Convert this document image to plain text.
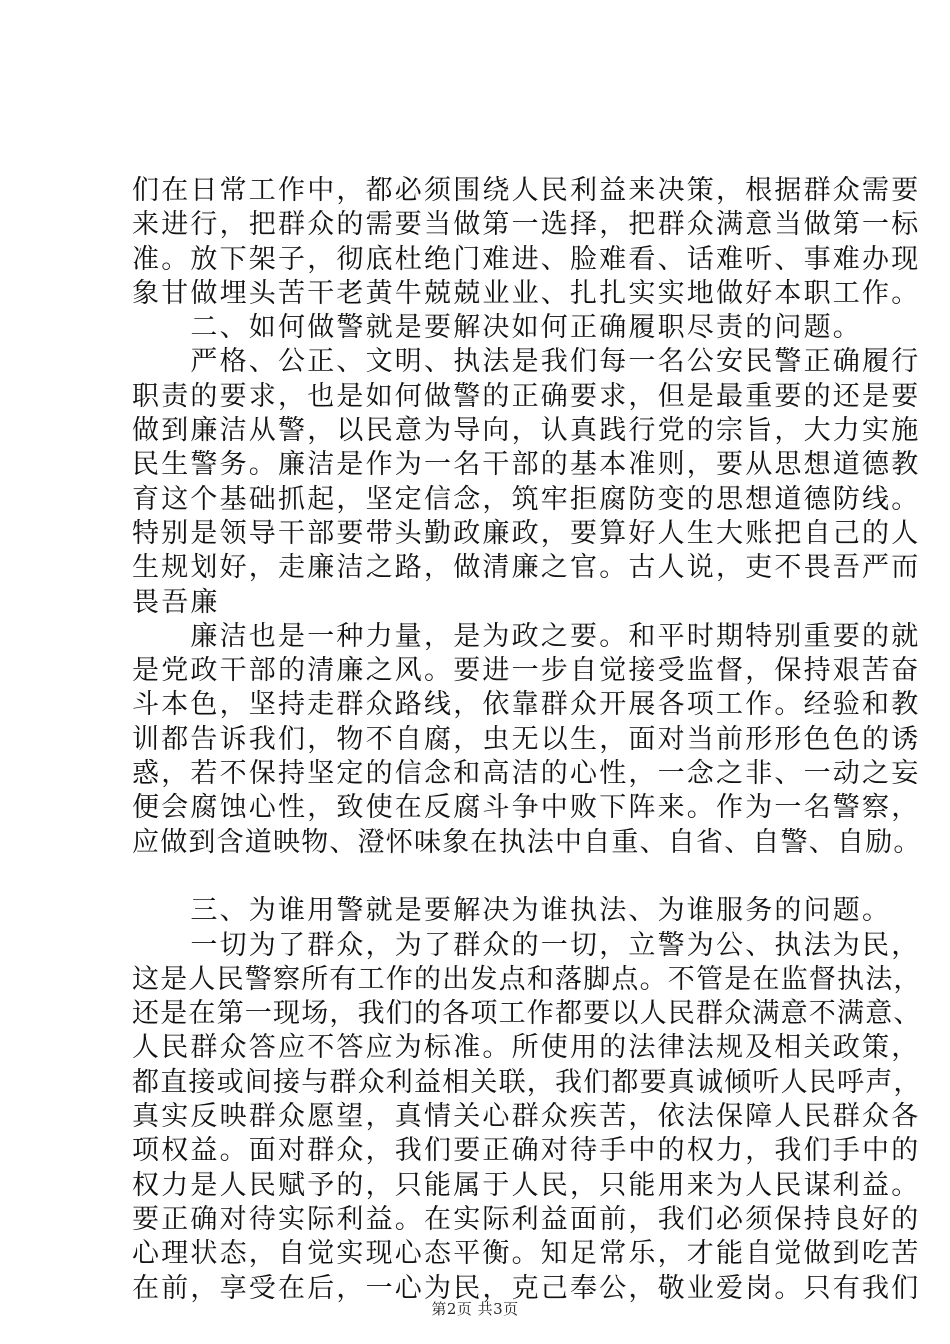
们在日常工作中，都必须围绕人民利益来决策，根据群众需要
来进行，把群众的需要当做第一选择，把群众满意当做第一标
准。放下架子，彻底杜绝门难进、脸难看、话难听、事难办现
象甘做埋头苦干老黄牛兢兢业业、扎扎实实地做好本职工作。
　　二、如何做警就是要解决如何正确履职尽责的问题。
　　严格、公正、文明、执法是我们每一名公安民警正确履行
职责的要求，也是如何做警的正确要求，但是最重要的还是要
做到廉洁从警，以民意为导向，认真践行党的宗旨，大力实施
民生警务。廉洁是作为一名干部的基本准则，要从思想道德教
育这个基础抓起，坚定信念，筑牢拒腐防变的思想道德防线。
特别是领导干部要带头勤政廉政，要算好人生大账把自己的人
生规划好，走廉洁之路，做清廉之官。古人说，吏不畏吾严而
畏吾廉
　　廉洁也是一种力量，是为政之要。和平时期特别重要的就
是党政干部的清廉之风。要进一步自觉接受监督，保持艰苦奋
斗本色，坚持走群众路线，依靠群众开展各项工作。经验和教
训都告诉我们，物不自腐，虫无以生，面对当前形形色色的诱
惑，若不保持坚定的信念和高洁的心性，一念之非、一动之妄
便会腐蚀心性，致使在反腐斗争中败下阵来。作为一名警察，
应做到含道映物、澄怀味象在执法中自重、自省、自警、自励。
　　三、为谁用警就是要解决为谁执法、为谁服务的问题。
　　一切为了群众，为了群众的一切，立警为公、执法为民，
这是人民警察所有工作的出发点和落脚点。不管是在监督执法，
还是在第一现场，我们的各项工作都要以人民群众满意不满意、
人民群众答应不答应为标准。所使用的法律法规及相关政策，
都直接或间接与群众利益相关联，我们都要真诚倾听人民呼声，
真实反映群众愿望，真情关心群众疾苦，依法保障人民群众各
项权益。面对群众，我们要正确对待手中的权力，我们手中的
权力是人民赋予的，只能属于人民，只能用来为人民谋利益。
要正确对待实际利益。在实际利益面前，我们必须保持良好的
心理状态，自觉实现心态平衡。知足常乐，才能自觉做到吃苦
在前，享受在后，一心为民，克己奉公，敬业爱岗。只有我们
第2页 共3页
